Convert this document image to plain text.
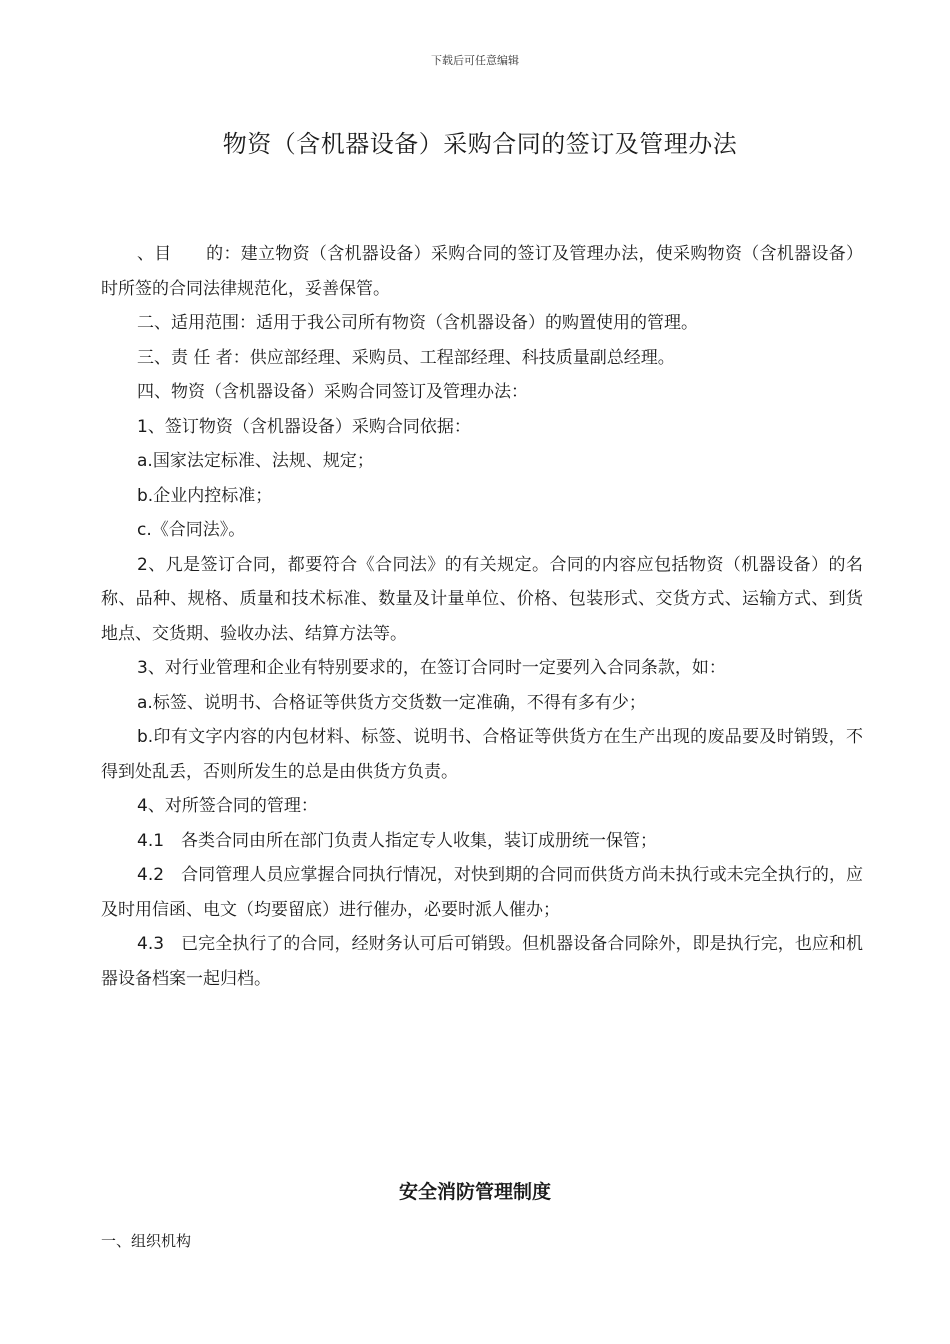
下载后可任意编辑
物资（含机器设备）采购合同的签订及管理办法

、目　　的：建立物资（含机器设备）采购合同的签订及管理办法，使采购物资（含机器设备）时所签的合同法律规范化，妥善保管。

二、适用范围：适用于我公司所有物资（含机器设备）的购置使用的管理。

三、责 任 者：供应部经理、采购员、工程部经理、科技质量副总经理。

四、物资（含机器设备）采购合同签订及管理办法：

1、签订物资（含机器设备）采购合同依据：

a.国家法定标准、法规、规定；

b.企业内控标准；

c.《合同法》。

2、凡是签订合同，都要符合《合同法》的有关规定。合同的内容应包括物资（机器设备）的名称、品种、规格、质量和技术标准、数量及计量单位、价格、包装形式、交货方式、运输方式、到货地点、交货期、验收办法、结算方法等。

3、对行业管理和企业有特别要求的，在签订合同时一定要列入合同条款，如：

a.标签、说明书、合格证等供货方交货数一定准确，不得有多有少；

b.印有文字内容的内包材料、标签、说明书、合格证等供货方在生产出现的废品要及时销毁，不得到处乱丢，否则所发生的总是由供货方负责。

4、对所签合同的管理：

4.1　各类合同由所在部门负责人指定专人收集，装订成册统一保管；

4.2　合同管理人员应掌握合同执行情况，对快到期的合同而供货方尚未执行或未完全执行的，应及时用信函、电文（均要留底）进行催办，必要时派人催办；

4.3　已完全执行了的合同，经财务认可后可销毁。但机器设备合同除外，即是执行完，也应和机器设备档案一起归档。

安全消防管理制度
一、组织机构
